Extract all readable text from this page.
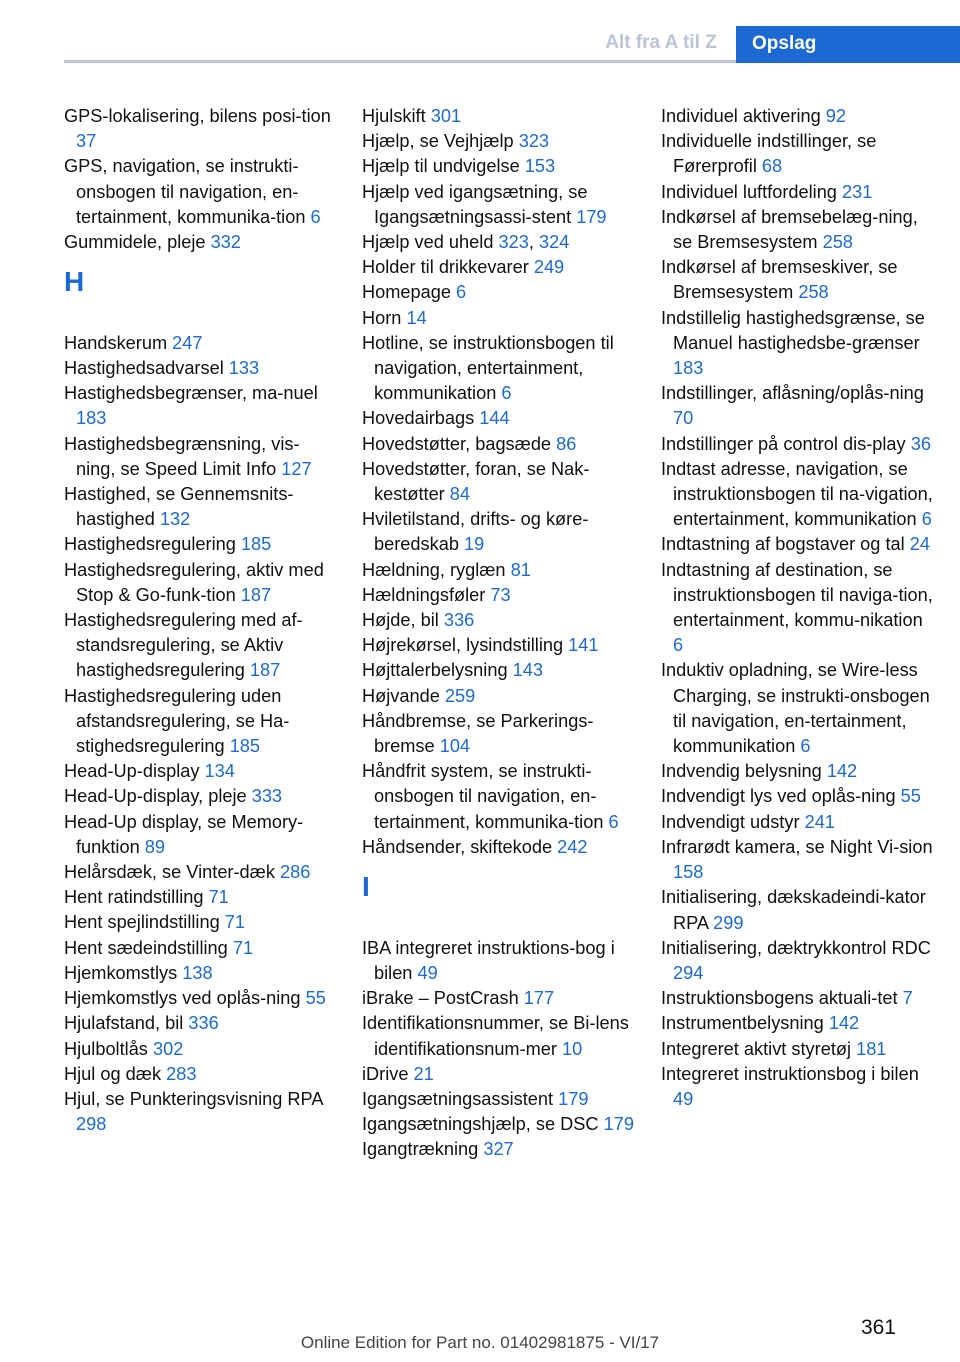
Alt fra A til Z	Opslag
GPS-lokalisering, bilens posi-tion 37
GPS, navigation, se instrukti-onsbogen til navigation, en-tertainment, kommunika-tion 6
Gummidele, pleje 332
H
Handskerum 247
Hastighedsadvarsel 133
Hastighedsbegrænser, ma-nuel 183
Hastighedsbegrænsning, vis-ning, se Speed Limit Info 127
Hastighed, se Gennemsnits-hastighed 132
Hastighedsregulering 185
Hastighedsregulering, aktiv med Stop & Go-funk-tion 187
Hastighedsregulering med af-standsregulering, se Aktiv hastighedsregulering 187
Hastighedsregulering uden afstandsregulering, se Ha-stighedsregulering 185
Head-Up-display 134
Head-Up-display, pleje 333
Head-Up display, se Memory-funktion 89
Helårsdæk, se Vinter-dæk 286
Hent ratindstilling 71
Hent spejlindstilling 71
Hent sædeindstilling 71
Hjemkomstlys 138
Hjemkomstlys ved oplås-ning 55
Hjulafstand, bil 336
Hjulboltlås 302
Hjul og dæk 283
Hjul, se Punkteringsvisning RPA 298
Hjulskift 301
Hjælp, se Vejhjælp 323
Hjælp til undvigelse 153
Hjælp ved igangsætning, se Igangsætningsassi-stent 179
Hjælp ved uheld 323, 324
Holder til drikkevarer 249
Homepage 6
Horn 14
Hotline, se instruktionsbogen til navigation, entertainment, kommunikation 6
Hovedairbags 144
Hovedstøtter, bagsæde 86
Hovedstøtter, foran, se Nak-kestøtter 84
Hviletilstand, drifts- og køre-beredskab 19
Hældning, ryglæn 81
Hældningsføler 73
Højde, bil 336
Højrekørsel, lysindstilling 141
Højttalerbelysning 143
Højvande 259
Håndbremse, se Parkerings-bremse 104
Håndfrit system, se instrukti-onsbogen til navigation, en-tertainment, kommunika-tion 6
Håndsender, skiftekode 242
I
IBA integreret instruktions-bog i bilen 49
iBrake – PostCrash 177
Identifikationsnummer, se Bi-lens identifikationsnum-mer 10
iDrive 21
Igangsætningsassistent 179
Igangsætningshjælp, se DSC 179
Igangtrækning 327
Individuel aktivering 92
Individuelle indstillinger, se Førerprofil 68
Individuel luftfordeling 231
Indkørsel af bremsebelæg-ning, se Bremsesystem 258
Indkørsel af bremseskiver, se Bremsesystem 258
Indstillelig hastighedsgrænse, se Manuel hastighedsbe-grænser 183
Indstillinger, aflåsning/oplås-ning 70
Indstillinger på control dis-play 36
Indtast adresse, navigation, se instruktionsbogen til na-vigation, entertainment, kommunikation 6
Indtastning af bogstaver og tal 24
Indtastning af destination, se instruktionsbogen til naviga-tion, entertainment, kommu-nikation 6
Induktiv opladning, se Wire-less Charging, se instrukti-onsbogen til navigation, en-tertainment, kommunikation 6
Indvendig belysning 142
Indvendigt lys ved oplås-ning 55
Indvendigt udstyr 241
Infrarødt kamera, se Night Vi-sion 158
Initialisering, dækskadeindi-kator RPA 299
Initialisering, dæktrykkontrol RDC 294
Instruktionsbogens aktuali-tet 7
Instrumentbelysning 142
Integreret aktivt styretøj 181
Integreret instruktionsbog i bilen 49
361
Online Edition for Part no. 01402981875 - VI/17
